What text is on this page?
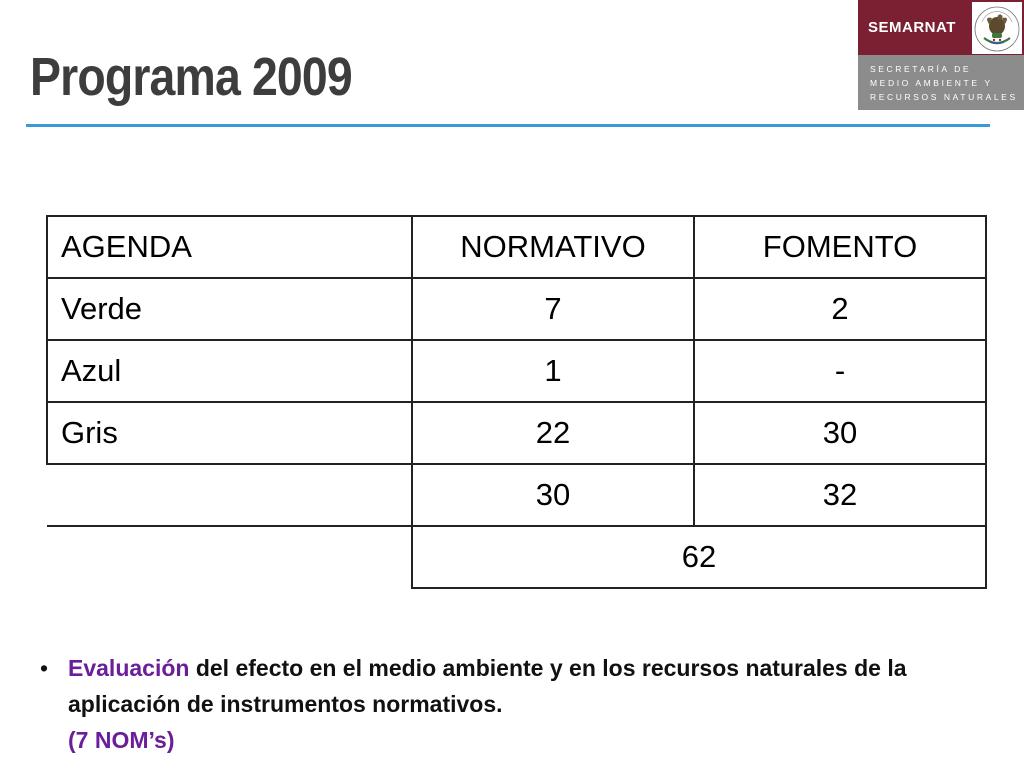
Programa 2009
SEMARNAT
SECRETARÍA DE
MEDIO AMBIENTE Y
RECURSOS NATURALES
AGENDA	NORMATIVO	FOMENTO
Verde	7	2
Azul	1	-
Gris	22	30
	30	32
	62	
• Evaluación del efecto en el medio ambiente y en los recursos naturales de la aplicación de instrumentos normativos.
(7 NOM’s)
